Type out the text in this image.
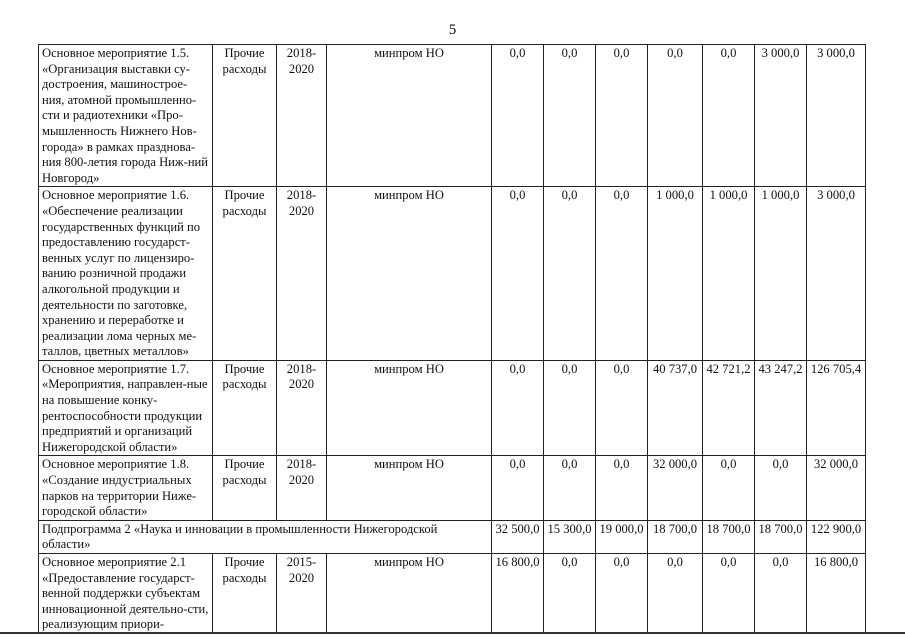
5
Основное мероприятие 1.5. «Организация выставки су-достроения, машинострое-ния, атомной промышленно-сти и радиотехники «Про-мышленность Нижнего Нов-города» в рамках празднова-ния 800-летия города Ниж-ний Новгород»	Прочие расходы	2018-2020	минпром НО	0,0	0,0	0,0	0,0	0,0	3 000,0	3 000,0
Основное мероприятие 1.6. «Обеспечение реализации государственных функций по предоставлению государст-венных услуг по лицензиро-ванию розничной продажи алкогольной продукции и деятельности по заготовке, хранению и переработке и реализации лома черных ме-таллов, цветных металлов»	Прочие расходы	2018-2020	минпром НО	0,0	0,0	0,0	1 000,0	1 000,0	1 000,0	3 000,0
Основное мероприятие 1.7. «Мероприятия, направлен-ные на повышение конку-рентоспособности продукции предприятий и организаций Нижегородской области»	Прочие расходы	2018-2020	минпром НО	0,0	0,0	0,0	40 737,0	42 721,2	43 247,2	126 705,4
Основное мероприятие 1.8. «Создание индустриальных парков на территории Ниже-городской области»	Прочие расходы	2018-2020	минпром НО	0,0	0,0	0,0	32 000,0	0,0	0,0	32 000,0
Подпрограмма 2 «Наука и инновации в промышленности Нижегородской области»				32 500,0	15 300,0	19 000,0	18 700,0	18 700,0	18 700,0	122 900,0
Основное мероприятие 2.1 «Предоставление государст-венной поддержки субъектам инновационной деятельно-сти, реализующим приори-	Прочие расходы	2015-2020	минпром НО	16 800,0	0,0	0,0	0,0	0,0	0,0	16 800,0
